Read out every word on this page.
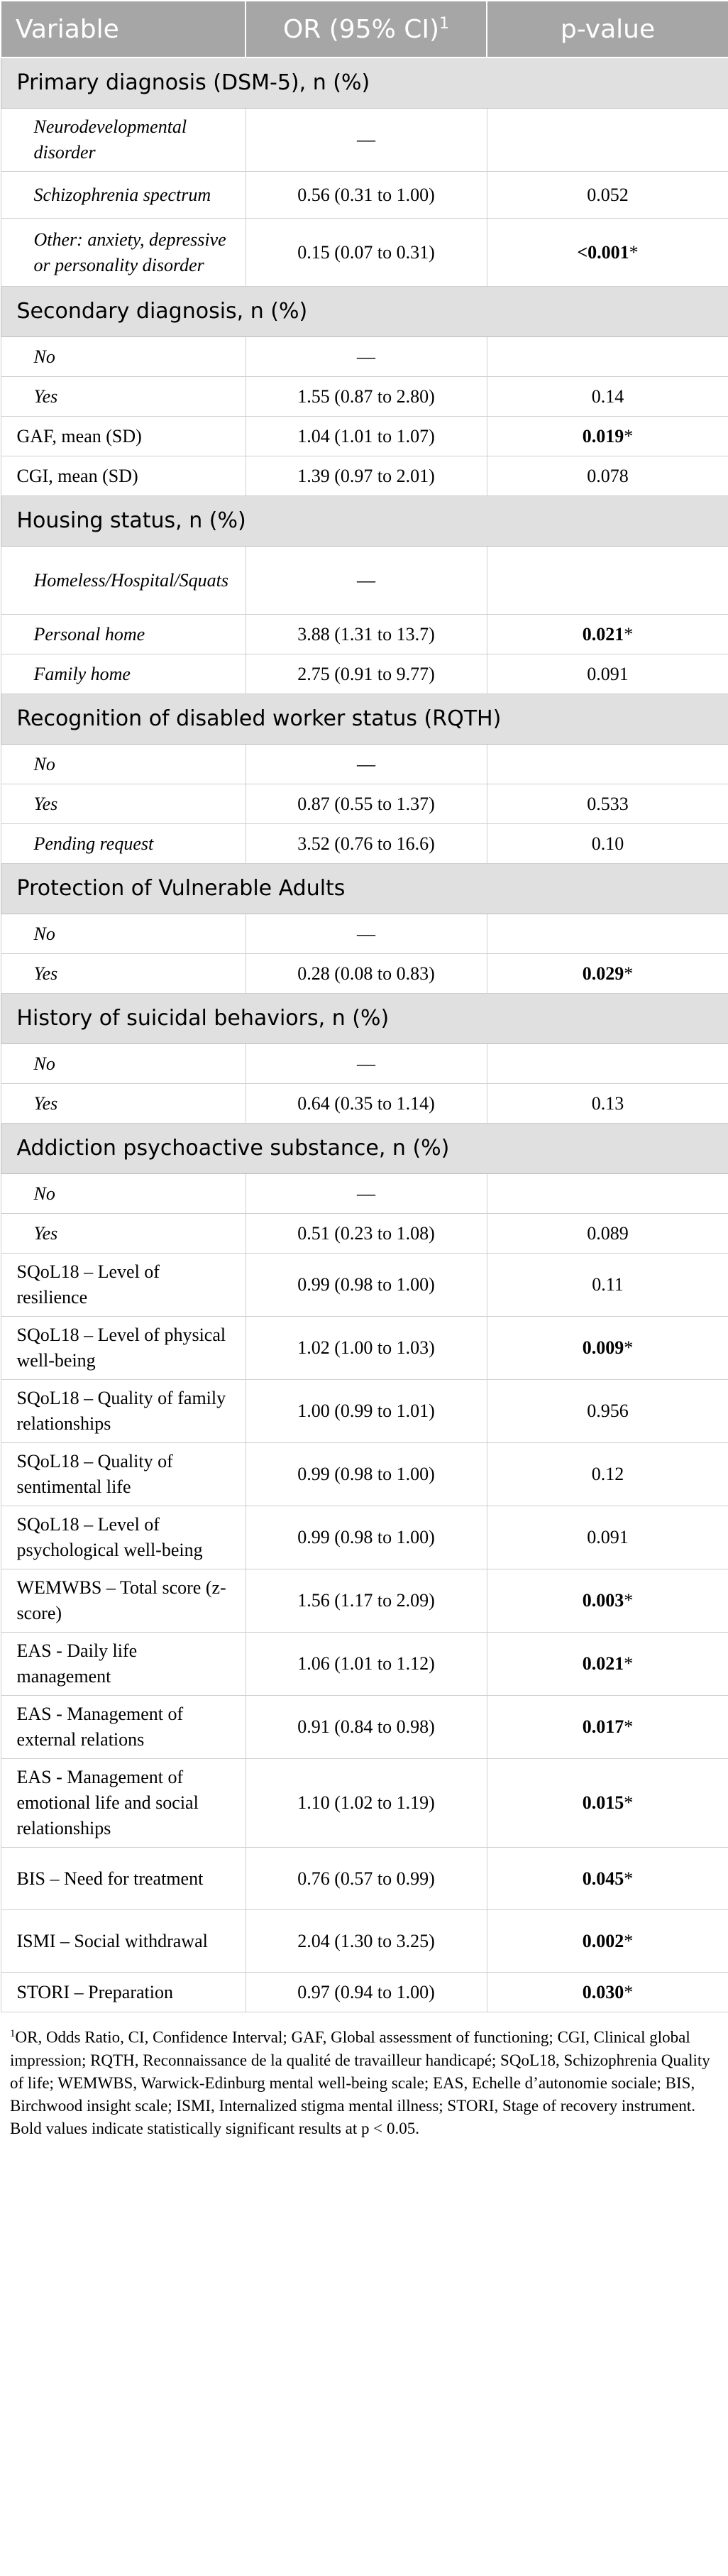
Variable	OR (95% CI)$^1$	p-value
Primary diagnosis (DSM-5), n (%)		
Neurodevelopmental disorder	—	
Schizophrenia spectrum	0.56 (0.31 to 1.00)	0.052
Other: anxiety, depressive or personality disorder	0.15 (0.07 to 0.31)	<0.001*
Secondary diagnosis, n (%)		
No	—	
Yes	1.55 (0.87 to 2.80)	0.14
GAF, mean (SD)	1.04 (1.01 to 1.07)	0.019*
CGI, mean (SD)	1.39 (0.97 to 2.01)	0.078
Housing status, n (%)		
Homeless/Hospital/Squats	—	
Personal home	3.88 (1.31 to 13.7)	0.021*
Family home	2.75 (0.91 to 9.77)	0.091
Recognition of disabled worker status (RQTH)		
No	—	
Yes	0.87 (0.55 to 1.37)	0.533
Pending request	3.52 (0.76 to 16.6)	0.10
Protection of Vulnerable Adults		
No	—	
Yes	0.28 (0.08 to 0.83)	0.029*
History of suicidal behaviors, n (%)		
No	—	
Yes	0.64 (0.35 to 1.14)	0.13
Addiction psychoactive substance, n (%)		
No	—	
Yes	0.51 (0.23 to 1.08)	0.089
SQoL18 – Level of resilience	0.99 (0.98 to 1.00)	0.11
SQoL18 – Level of physical well-being	1.02 (1.00 to 1.03)	0.009*
SQoL18 – Quality of family relationships	1.00 (0.99 to 1.01)	0.956
SQoL18 – Quality of sentimental life	0.99 (0.98 to 1.00)	0.12
SQoL18 – Level of psychological well-being	0.99 (0.98 to 1.00)	0.091
WEMWBS – Total score (z-score)	1.56 (1.17 to 2.09)	0.003*
EAS - Daily life management	1.06 (1.01 to 1.12)	0.021*
EAS - Management of external relations	0.91 (0.84 to 0.98)	0.017*
EAS - Management of emotional life and social relationships	1.10 (1.02 to 1.19)	0.015*
BIS – Need for treatment	0.76 (0.57 to 0.99)	0.045*
ISMI – Social withdrawal	2.04 (1.30 to 3.25)	0.002*
STORI – Preparation	0.97 (0.94 to 1.00)	0.030*
$^1$OR, Odds Ratio, CI, Confidence Interval; GAF, Global assessment of functioning; CGI, Clinical global impression; RQTH, Reconnaissance de la qualité de travailleur handicapé; SQoL18, Schizophrenia Quality of life; WEMWBS, Warwick-Edinburg mental well-being scale; EAS, Echelle d’autonomie sociale; BIS, Birchwood insight scale; ISMI, Internalized stigma mental illness; STORI, Stage of recovery instrument. Bold values indicate statistically significant results at p < 0.05.
